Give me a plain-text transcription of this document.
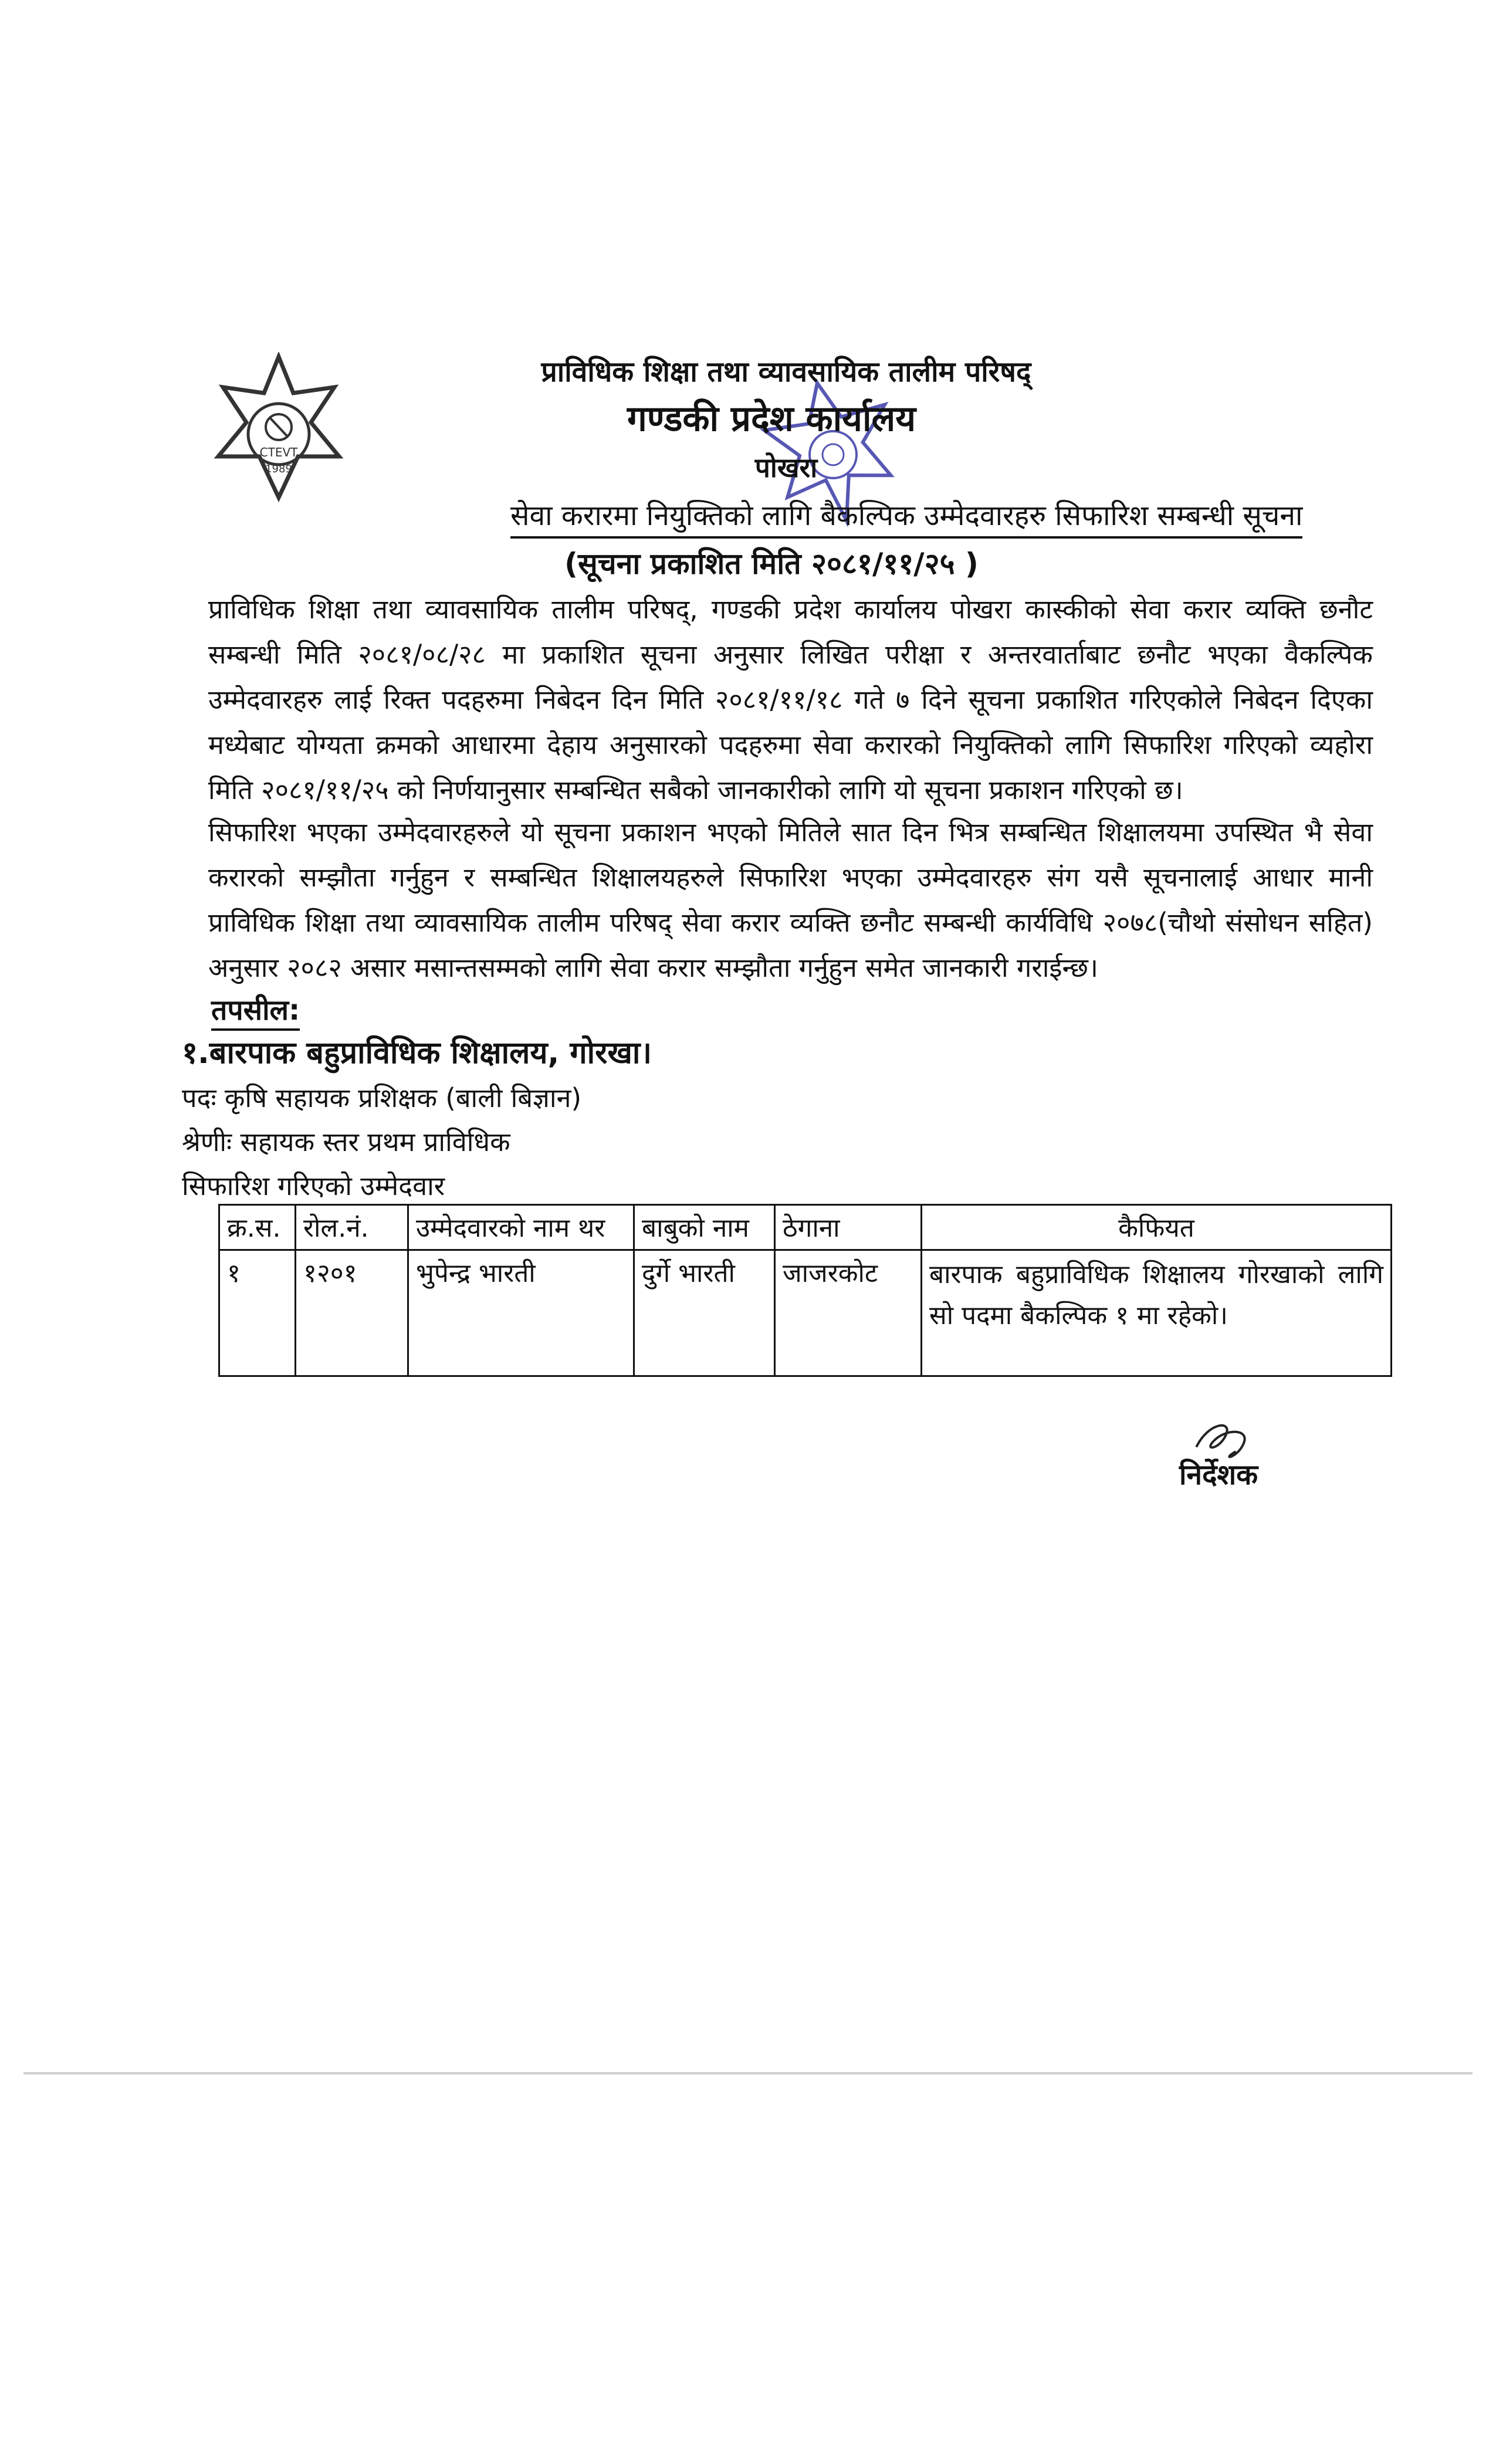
CTEVT
1989
प्राविधिक शिक्षा तथा व्यावसायिक तालीम परिषद्
गण्डकी प्रदेश कार्यालय
पोखरा
सेवा करारमा नियुक्तिको लागि बैकल्पिक उम्मेदवारहरु सिफारिश सम्बन्धी सूचना
(सूचना प्रकाशित मिति २०८१/११/२५ )

प्राविधिक शिक्षा तथा व्यावसायिक तालीम परिषद्, गण्डकी प्रदेश कार्यालय पोखरा कास्कीको सेवा करार व्यक्ति छनौट सम्बन्धी मिति २०८१/०८/२८ मा प्रकाशित सूचना अनुसार लिखित परीक्षा र अन्तरवार्ताबाट छनौट भएका वैकल्पिक उम्मेदवारहरु लाई रिक्त पदहरुमा निबेदन दिन मिति २०८१/११/१८ गते ७ दिने सूचना प्रकाशित गरिएकोले निबेदन दिएका मध्येबाट योग्यता क्रमको आधारमा देहाय अनुसारको पदहरुमा सेवा करारको नियुक्तिको लागि सिफारिश गरिएको व्यहोरा मिति २०८१/११/२५ को निर्णयानुसार सम्बन्धित सबैको जानकारीको लागि यो सूचना प्रकाशन गरिएको छ।

सिफारिश भएका उम्मेदवारहरुले यो सूचना प्रकाशन भएको मितिले सात दिन भित्र सम्बन्धित शिक्षालयमा उपस्थित भै सेवा करारको सम्झौता गर्नुहुन र सम्बन्धित शिक्षालयहरुले सिफारिश भएका उम्मेदवारहरु संग यसै सूचनालाई आधार मानी प्राविधिक शिक्षा तथा व्यावसायिक तालीम परिषद् सेवा करार व्यक्ति छनौट सम्बन्धी कार्यविधि २०७८(चौथो संसोधन सहित) अनुसार २०८२ असार मसान्तसम्मको लागि सेवा करार सम्झौता गर्नुहुन समेत जानकारी गराईन्छ।

तपसील:
१.बारपाक बहुप्राविधिक शिक्षालय, गोरखा।
पदः कृषि सहायक प्रशिक्षक (बाली बिज्ञान)
श्रेणीः सहायक स्तर प्रथम प्राविधिक
सिफारिश गरिएको उम्मेदवार
क्र.स.	रोल.नं.	उम्मेदवारको नाम थर	बाबुको नाम	ठेगाना	कैफियत
१	१२०१	भुपेन्द्र भारती	दुर्गे भारती	जाजरकोट	बारपाक बहुप्राविधिक शिक्षालय गोरखाको लागि सो पदमा बैकल्पिक १ मा रहेको।
निर्देशक
